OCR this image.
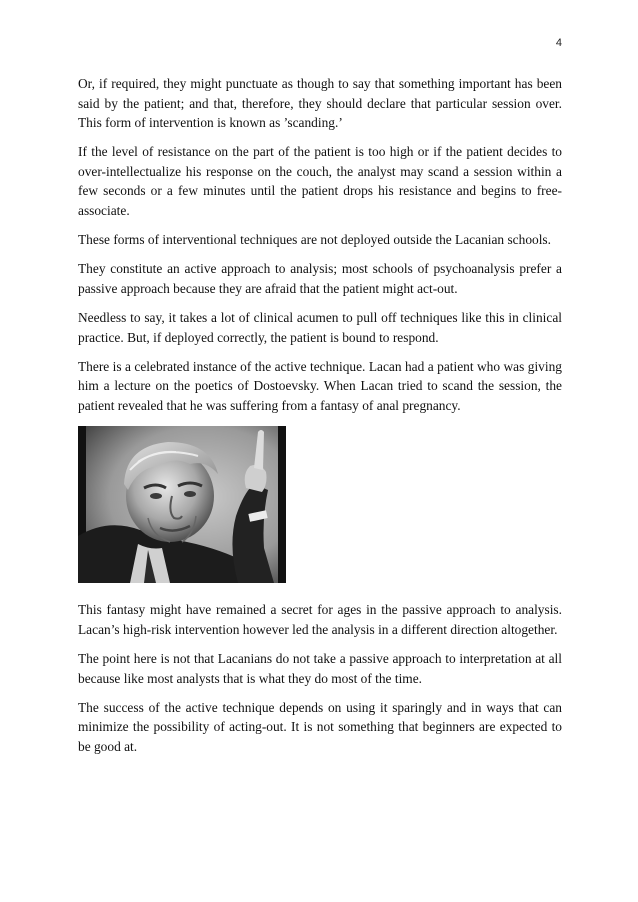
4

Or, if required, they might punctuate as though to say that something important has been said by the patient; and that, therefore, they should declare that particular session over. This form of intervention is known as ’scanding.’

If the level of resistance on the part of the patient is too high or if the patient decides to over-intellectualize his response on the couch, the analyst may scand a session within a few seconds or a few minutes until the patient drops his resistance and begins to free-associate.

These forms of interventional techniques are not deployed outside the Lacanian schools.

They constitute an active approach to analysis; most schools of psychoanalysis prefer a passive approach because they are afraid that the patient might act-out.

Needless to say, it takes a lot of clinical acumen to pull off techniques like this in clinical practice. But, if deployed correctly, the patient is bound to respond.

There is a celebrated instance of the active technique. Lacan had a patient who was giving him a lecture on the poetics of Dostoevsky. When Lacan tried to scand the session, the patient revealed that he was suffering from a fantasy of anal pregnancy.

This fantasy might have remained a secret for ages in the passive approach to analysis. Lacan’s high-risk intervention however led the analysis in a different direction altogether.

The point here is not that Lacanians do not take a passive approach to interpretation at all because like most analysts that is what they do most of the time.

The success of the active technique depends on using it sparingly and in ways that can minimize the possibility of acting-out. It is not something that beginners are expected to be good at.
